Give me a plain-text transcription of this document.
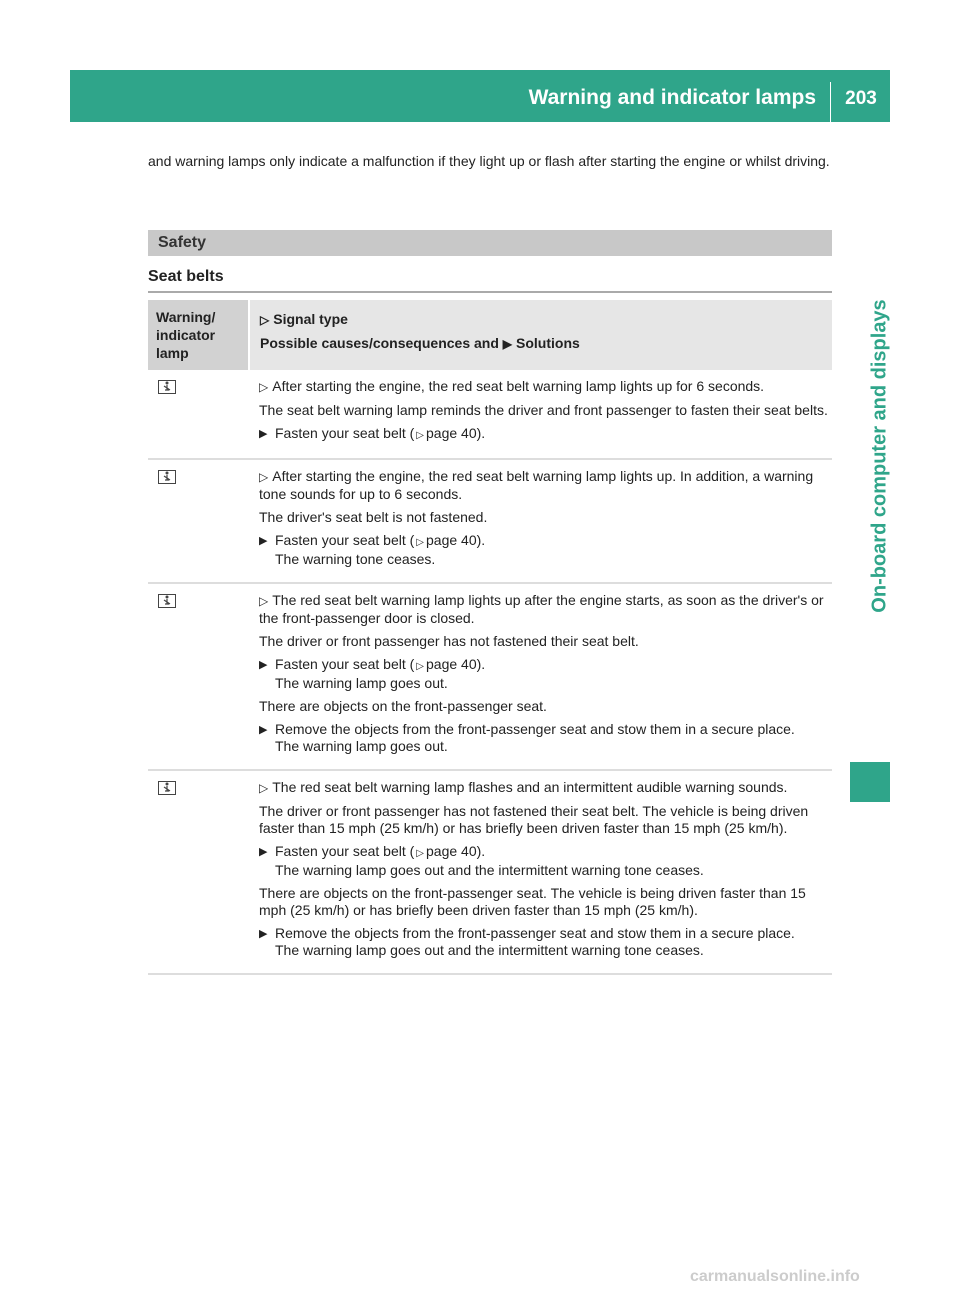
Warning and indicator lamps	203
On-board computer and displays
and warning lamps only indicate a malfunction if they light up or flash after starting the engine or whilst driving.
Safety
Seat belts
Warning/
indicator
lamp
▷ Signal type
Possible causes/consequences and ▶ Solutions
▷ After starting the engine, the red seat belt warning lamp lights up for 6 seconds.
The seat belt warning lamp reminds the driver and front passenger to fasten their seat belts.
▶ Fasten your seat belt ( ▷ page 40).
▷ After starting the engine, the red seat belt warning lamp lights up. In addition, a warning tone sounds for up to 6 seconds.
The driver's seat belt is not fastened.
▶ Fasten your seat belt ( ▷ page 40).
The warning tone ceases.
▷ The red seat belt warning lamp lights up after the engine starts, as soon as the driver's or the front-passenger door is closed.
The driver or front passenger has not fastened their seat belt.
▶ Fasten your seat belt ( ▷ page 40).
The warning lamp goes out.
There are objects on the front-passenger seat.
▶ Remove the objects from the front-passenger seat and stow them in a secure place.
The warning lamp goes out.
▷ The red seat belt warning lamp flashes and an intermittent audible warning sounds.
The driver or front passenger has not fastened their seat belt. The vehicle is being driven faster than 15 mph (25 km/h) or has briefly been driven faster than 15 mph (25 km/h).
▶ Fasten your seat belt ( ▷ page 40).
The warning lamp goes out and the intermittent warning tone ceases.
There are objects on the front-passenger seat. The vehicle is being driven faster than 15 mph (25 km/h) or has briefly been driven faster than 15 mph (25 km/h).
▶ Remove the objects from the front-passenger seat and stow them in a secure place.
The warning lamp goes out and the intermittent warning tone ceases.
carmanualsonline.info
